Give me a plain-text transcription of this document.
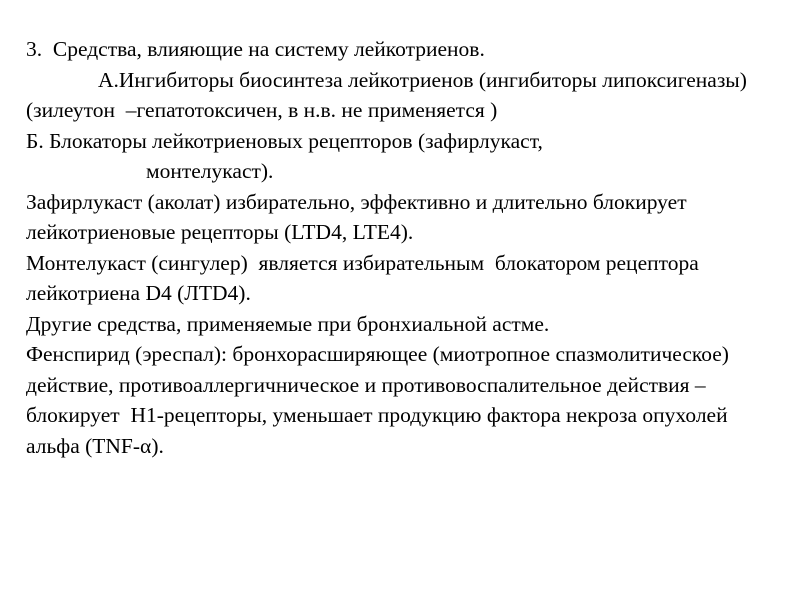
3.  Средства, влияющие на систему лейкотриенов.

A.Ингибиторы биосинтеза лейкотриенов (ингибиторы липоксигеназы) (зилеутон  –гепатотоксичен, в н.в. не применяется )

Б. Блокаторы лейкотриеновых рецепторов (зафирлукаст,

монтелукаст).

Зафирлукаст (аколат) избирательно, эффективно и длительно блокирует лейкотриеновые рецепторы (LTD4, LTE4).

Монтелукаст (сингулер)  является избирательным  блокатором рецептора лейкотриена D4 (ЛТD4).

Другие средства, применяемые при бронхиальной астме.

Фенспирид (эреспал): бронхорасширяющее (миотропное спазмолитическое) действие, противоаллергичническое и противовоспалительное действия – блокирует  Н1-рецепторы, уменьшает продукцию фактора некроза опухолей альфа (TNF-α).
